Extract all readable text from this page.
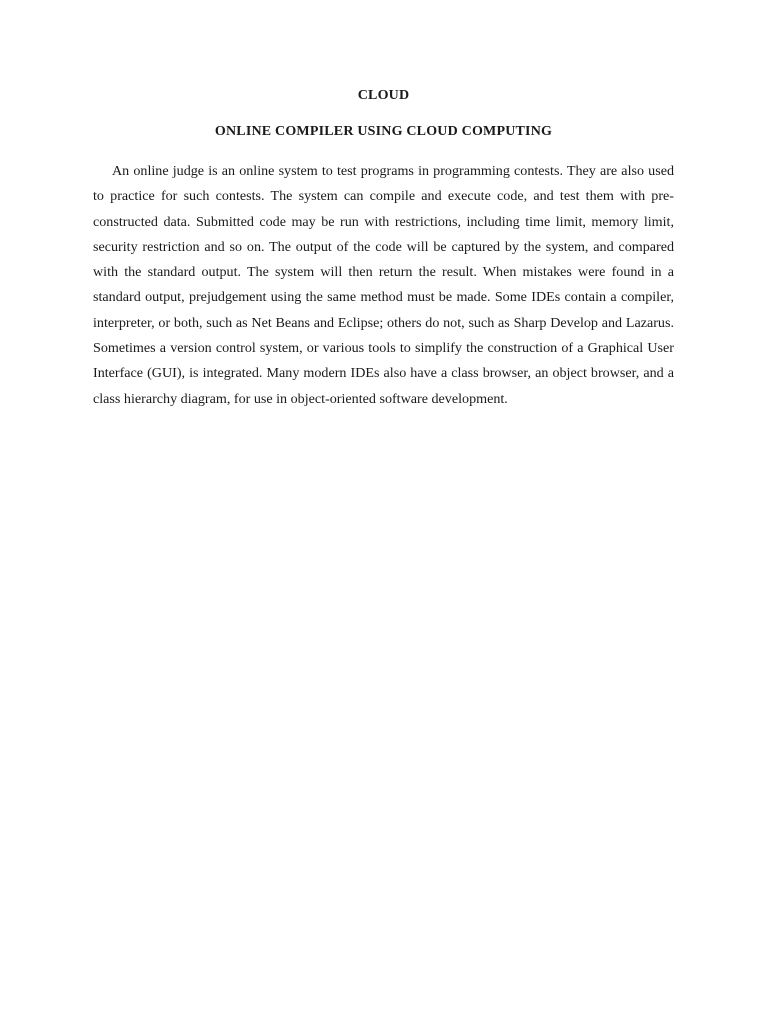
CLOUD
ONLINE COMPILER USING CLOUD COMPUTING

An online judge is an online system to test programs in programming contests. They are also used to practice for such contests. The system can compile and execute code, and test them with pre-constructed data. Submitted code may be run with restrictions, including time limit, memory limit, security restriction and so on. The output of the code will be captured by the system, and compared with the standard output. The system will then return the result. When mistakes were found in a standard output, prejudgement using the same method must be made. Some IDEs contain a compiler, interpreter, or both, such as Net Beans and Eclipse; others do not, such as Sharp Develop and Lazarus. Sometimes a version control system, or various tools to simplify the construction of a Graphical User Interface (GUI), is integrated. Many modern IDEs also have a class browser, an object browser, and a class hierarchy diagram, for use in object-oriented software development.
